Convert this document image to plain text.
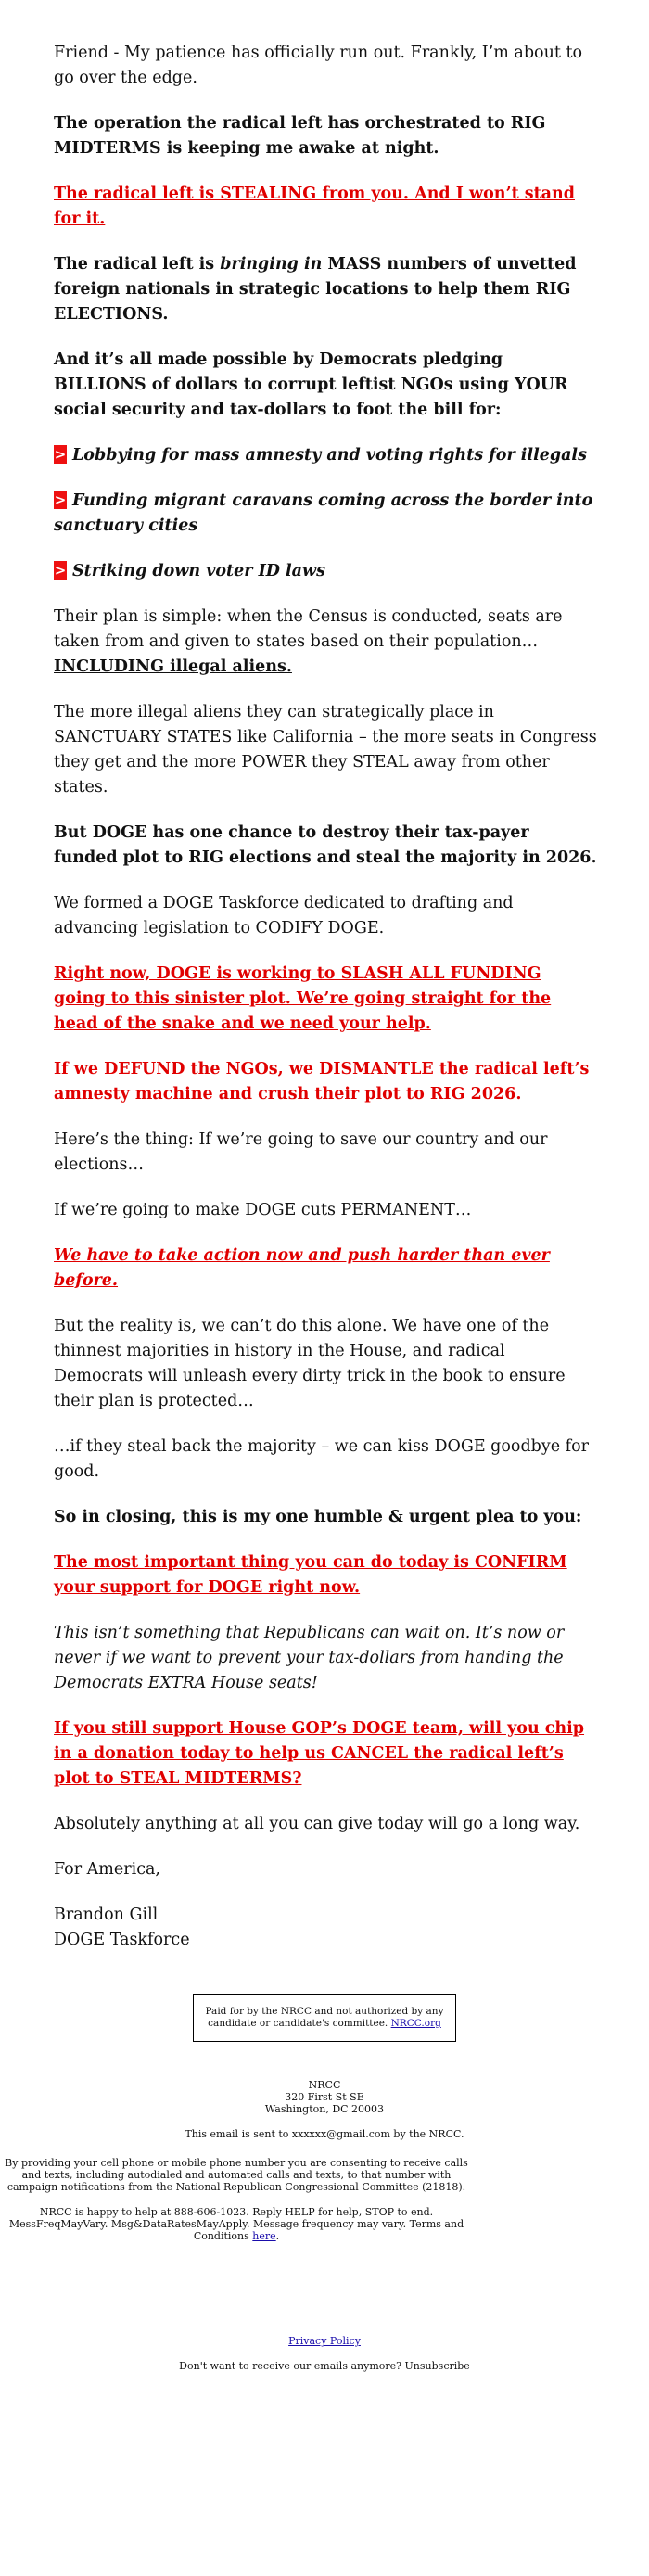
Friend - My patience has officially run out. Frankly, I’m about to go over the edge.

The operation the radical left has orchestrated to RIG MIDTERMS is keeping me awake at night.

The radical left is STEALING from you. And I won’t stand for it.

The radical left is bringing in MASS numbers of unvetted foreign nationals in strategic locations to help them RIG ELECTIONS.

And it’s all made possible by Democrats pledging BILLIONS of dollars to corrupt leftist NGOs using YOUR social security and tax-dollars to foot the bill for:

> Lobbying for mass amnesty and voting rights for illegals

> Funding migrant caravans coming across the border into sanctuary cities

> Striking down voter ID laws

Their plan is simple: when the Census is conducted, seats are taken from and given to states based on their population…
INCLUDING illegal aliens.

The more illegal aliens they can strategically place in SANCTUARY STATES like California – the more seats in Congress they get and the more POWER they STEAL away from other states.

But DOGE has one chance to destroy their tax-payer funded plot to RIG elections and steal the majority in 2026.

We formed a DOGE Taskforce dedicated to drafting and advancing legislation to CODIFY DOGE.

Right now, DOGE is working to SLASH ALL FUNDING going to this sinister plot. We’re going straight for the head of the snake and we need your help.

If we DEFUND the NGOs, we DISMANTLE the radical left’s amnesty machine and crush their plot to RIG 2026.

Here’s the thing: If we’re going to save our country and our elections…

If we’re going to make DOGE cuts PERMANENT…

We have to take action now and push harder than ever before.

But the reality is, we can’t do this alone. We have one of the thinnest majorities in history in the House, and radical Democrats will unleash every dirty trick in the book to ensure their plan is protected…

…if they steal back the majority – we can kiss DOGE goodbye for good.

So in closing, this is my one humble & urgent plea to you:

The most important thing you can do today is CONFIRM your support for DOGE right now.

This isn’t something that Republicans can wait on. It’s now or never if we want to prevent your tax-dollars from handing the Democrats EXTRA House seats!

If you still support House GOP’s DOGE team, will you chip in a donation today to help us CANCEL the radical left’s plot to STEAL MIDTERMS?

Absolutely anything at all you can give today will go a long way.

For America,

Brandon Gill

DOGE Taskforce

Paid for by the NRCC and not authorized by any candidate or candidate's committee. NRCC.org

NRCC
320 First St SE
Washington, DC 20003

This email is sent to xxxxxx@gmail.com by the NRCC.

By providing your cell phone or mobile phone number you are consenting to receive calls and texts, including autodialed and automated calls and texts, to that number with campaign notifications from the National Republican Congressional Committee (21818).

NRCC is happy to help at 888-606-1023. Reply HELP for help, STOP to end. MessFreqMayVary. Msg&DataRatesMayApply. Message frequency may vary. Terms and Conditions here.

Privacy Policy

Don't want to receive our emails anymore? Unsubscribe
